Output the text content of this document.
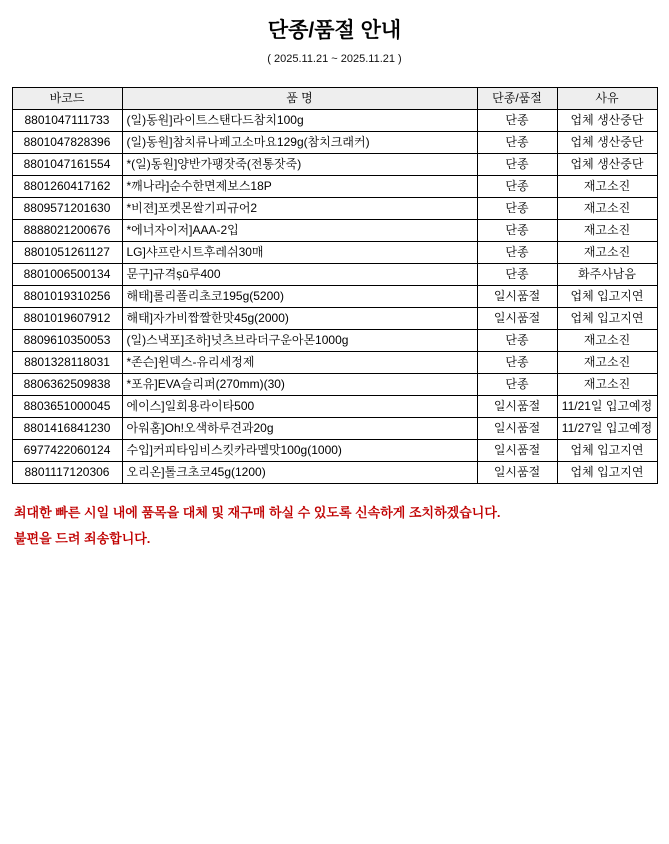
단종/품절 안내
( 2025.11.21 ~ 2025.11.21 )
바코드	품 명	단종/품절	사유
8801047111733	(일)동원]라이트스탠다드참치100g	단종	업체 생산중단
8801047828396	(일)동원]참치류나페고소마요129g(참치크래커)	단종	업체 생산중단
8801047161554	*(일)동원]양반가팽잣죽(전통잣죽)	단종	업체 생산중단
8801260417162	*깨나라]순수한면제보스18P	단종	재고소진
8809571201630	*비젼]포켓몬쌀기피규어2	단종	재고소진
8888021200676	*에너자이저]AAA-2입	단종	재고소진
8801051261127	LG]샤프란시트후레쉬30매	단종	재고소진
8801006500134	문구]규격șū루400	단종	화주사남음
8801019310256	해태]롤리폴리초코195g(5200)	일시품절	업체 입고지연
8801019607912	해태]자가비짭짤한맛45g(2000)	일시품절	업체 입고지연
8809610350053	(일)스낵포]조하]넛츠브라더구운아몬1000g	단종	재고소진
8801328118031	*존슨]윈덱스-유리세정제	단종	재고소진
8806362509838	*포유]EVA슬리퍼(270mm)(30)	단종	재고소진
8803651000045	에이스]일회용라이타500	일시품절	11/21일 입고예정
8801416841230	아워홈]Oh!오색하루견과20g	일시품절	11/27일 입고예정
6977422060124	수입]커피타임비스킷카라멜맛100g(1000)	일시품절	업체 입고지연
8801117120306	오리온]톨크초코45g(1200)	일시품절	업체 입고지연
최대한 빠른 시일 내에 품목을 대체 및 재구매 하실 수 있도록 신속하게 조치하겠습니다.
불편을 드려 죄송합니다.
